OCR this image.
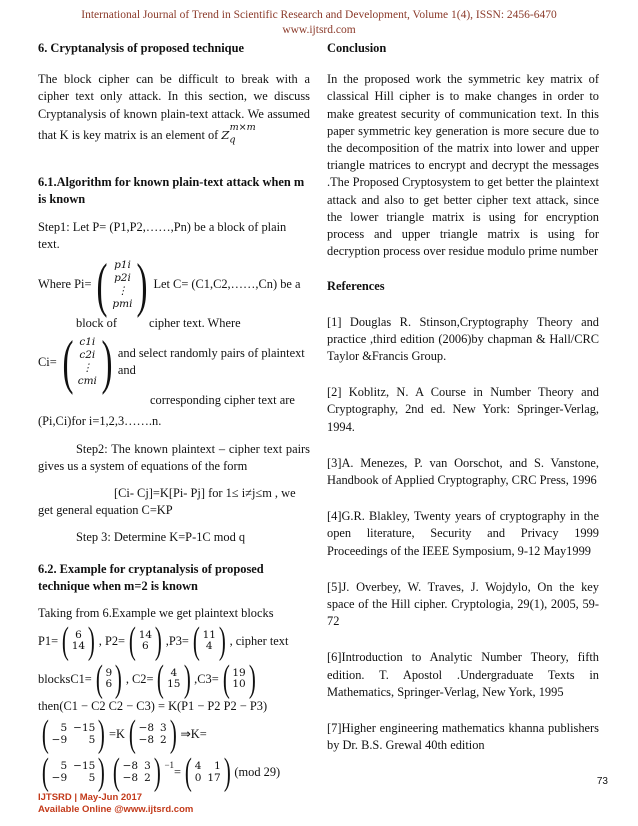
International Journal of Trend in Scientific Research and Development, Volume 1(4), ISSN: 2456-6470
www.ijtsrd.com

6. Cryptanalysis of proposed technique

The block cipher can be difficult to break with a cipher text only attack. In this section, we discuss Cryptanalysis of known plain-text attack. We assumed that K is key matrix is an element of $Z_q^{m\times m}$

6.1.Algorithm for known plain-text attack when m is known

Step1: Let P= (P1,P2,……,Pn) be a block of plain text.

Where Pi= ( p1i
p2i
⋮
pmi ) Let C= (C1,C2,……,Cn) be a
block of	cipher text. Where
Ci= ( c1i
c2i
⋮
cmi ) and select randomly pairs of plaintext and

corresponding cipher text are

(Pi,Ci)for i=1,2,3…….n.

Step2: The known plaintext – cipher text pairs gives us a system of equations of the form

[Ci- Cj]=K[Pi- Pj] for 1≤ i≠j≤m , we

get general equation C=KP

Step 3: Determine K=P-1C mod q

6.2. Example for cryptanalysis of proposed technique when m=2 is known

Taking from 6.Example we get plaintext blocks

P1= ( 6
14 ) , P2= ( 14
6 ) ,P3= ( 11
4 ) , cipher text
blocksC1= ( 9
6 ) , C2= ( 4
15 ) ,C3= ( 19
10 )

then(C1 − C2 C2 − C3) = K(P1 − P2 P2 − P3)

(	5 −15
−9	5 ) =K ( −8 3
−8 2 ) ⇒K=
(	5 −15
−9	5 ) ( −8 3
−8 2 ) $^{-1}$ = ( 4	1
0 17 ) (mod 29)

Conclusion

In the proposed work the symmetric key matrix of classical Hill cipher is to make changes in order to make greatest security of communication text. In this paper symmetric key generation is more secure due to the decomposition of the matrix into lower and upper triangle matrices to encrypt and decrypt the messages .The Proposed Cryptosystem to get better the plaintext attack and also to get better cipher text attack, since the lower triangle matrix is using for encryption process and upper triangle matrix is using for decryption process over residue modulo prime number

References

[1] Douglas R. Stinson,Cryptography Theory and practice ,third edition (2006)by chapman & Hall/CRC Taylor &Francis Group.

[2] Koblitz, N. A Course in Number Theory and Cryptography, 2nd ed. New York: Springer-Verlag, 1994.

[3]A. Menezes, P. van Oorschot, and S. Vanstone, Handbook of Applied Cryptography, CRC Press, 1996

[4]G.R. Blakley, Twenty years of cryptography in the open literature, Security and Privacy 1999 Proceedings of the IEEE Symposium, 9-12 May1999

[5]J. Overbey, W. Traves, J. Wojdylo, On the key space of the Hill cipher. Cryptologia, 29(1), 2005, 59-72

[6]Introduction to Analytic Number Theory, fifth edition. T. Apostol .Undergraduate Texts in Mathematics, Springer-Verlag, New York, 1995

[7]Higher engineering mathematics khanna publishers by Dr. B.S. Grewal 40th edition

73
IJTSRD | May-Jun 2017
Available Online @www.ijtsrd.com
